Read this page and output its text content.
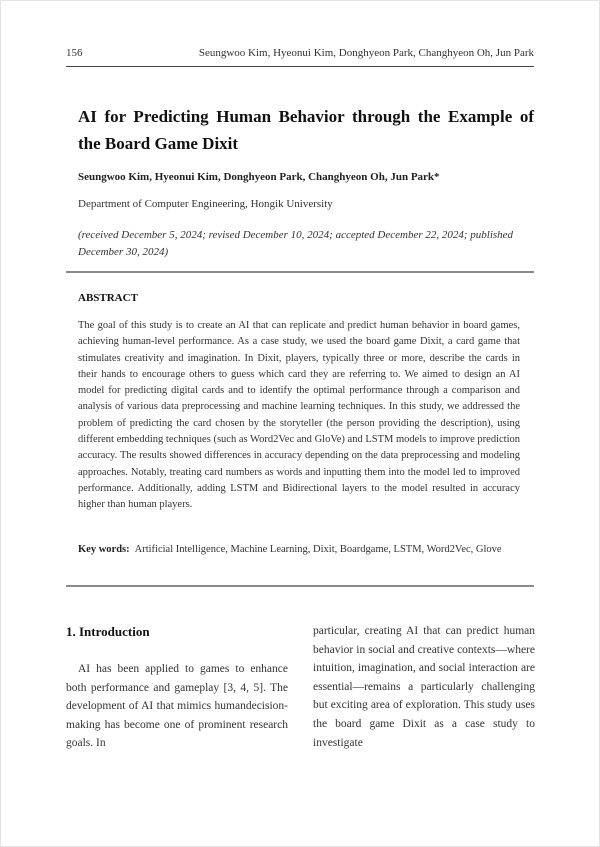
156	Seungwoo Kim, Hyeonui Kim, Donghyeon Park, Changhyeon Oh, Jun Park
AI for Predicting Human Behavior through the Example of the Board Game Dixit
Seungwoo Kim, Hyeonui Kim, Donghyeon Park, Changhyeon Oh, Jun Park*
Department of Computer Engineering, Hongik University
(received December 5, 2024; revised December 10, 2024; accepted December 22, 2024; published December 30, 2024)
ABSTRACT
The goal of this study is to create an AI that can replicate and predict human behavior in board games, achieving human-level performance. As a case study, we used the board game Dixit, a card game that stimulates creativity and imagination. In Dixit, players, typically three or more, describe the cards in their hands to encourage others to guess which card they are referring to. We aimed to design an AI model for predicting digital cards and to identify the optimal performance through a comparison and analysis of various data preprocessing and machine learning techniques. In this study, we addressed the problem of predicting the card chosen by the storyteller (the person providing the description), using different embedding techniques (such as Word2Vec and GloVe) and LSTM models to improve prediction accuracy. The results showed differences in accuracy depending on the data preprocessing and modeling approaches. Notably, treating card numbers as words and inputting them into the model led to improved performance. Additionally, adding LSTM and Bidirectional layers to the model resulted in accuracy higher than human players.
Key words: Artificial Intelligence, Machine Learning, Dixit, Boardgame, LSTM, Word2Vec, Glove
1. Introduction

AI has been applied to games to enhance both performance and gameplay [3, 4, 5]. The development of AI that mimics humandecision-making has become one of prominent research goals. In

particular, creating AI that can predict human behavior in social and creative contexts—where intuition, imagination, and social interaction are essential—remains a particularly challenging but exciting area of exploration. This study uses the board game Dixit as a case study to investigate
